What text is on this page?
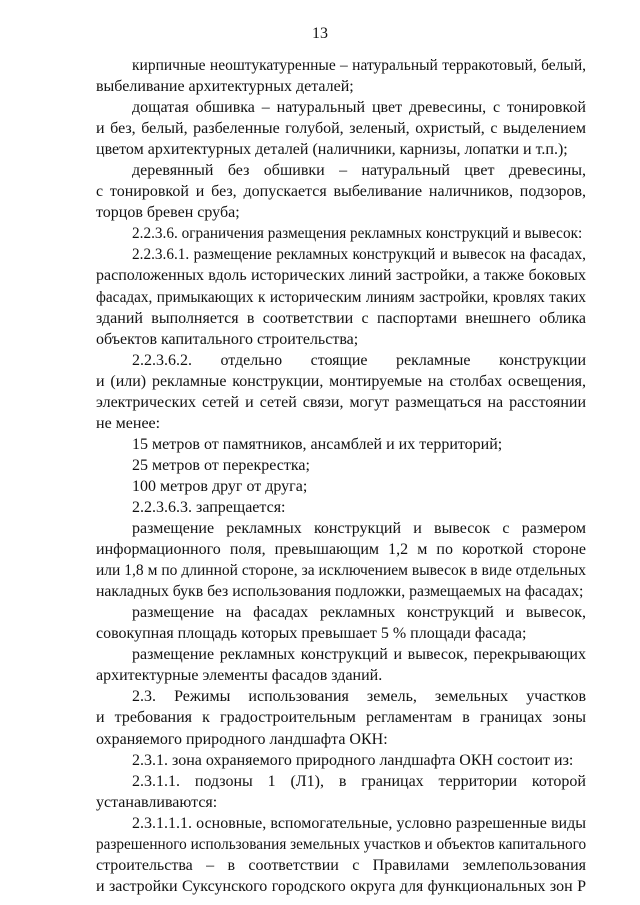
13
кирпичные неоштукатуренные – натуральный терракотовый, белый,
выбеливание архитектурных деталей;
дощатая обшивка – натуральный цвет древесины, с тонировкой
и без, белый, разбеленные голубой, зеленый, охристый, с выделением
цветом архитектурных деталей (наличники, карнизы, лопатки и т.п.);
деревянный без обшивки – натуральный цвет древесины,
с тонировкой и без, допускается выбеливание наличников, подзоров,
торцов бревен сруба;
2.2.3.6. ограничения размещения рекламных конструкций и вывесок:
2.2.3.6.1. размещение рекламных конструкций и вывесок на фасадах,
расположенных вдоль исторических линий застройки, а также боковых
фасадах, примыкающих к историческим линиям застройки, кровлях таких
зданий выполняется в соответствии с паспортами внешнего облика
объектов капитального строительства;
2.2.3.6.2. отдельно стоящие рекламные конструкции
и (или) рекламные конструкции, монтируемые на столбах освещения,
электрических сетей и сетей связи, могут размещаться на расстоянии
не менее:
15 метров от памятников, ансамблей и их территорий;
25 метров от перекрестка;
100 метров друг от друга;
2.2.3.6.3. запрещается:
размещение рекламных конструкций и вывесок с размером
информационного поля, превышающим 1,2 м по короткой стороне
или 1,8 м по длинной стороне, за исключением вывесок в виде отдельных
накладных букв без использования подложки, размещаемых на фасадах;
размещение на фасадах рекламных конструкций и вывесок,
совокупная площадь которых превышает 5 % площади фасада;
размещение рекламных конструкций и вывесок, перекрывающих
архитектурные элементы фасадов зданий.
2.3. Режимы использования земель, земельных участков
и требования к градостроительным регламентам в границах зоны
охраняемого природного ландшафта ОКН:
2.3.1. зона охраняемого природного ландшафта ОКН состоит из:
2.3.1.1. подзоны 1 (Л1), в границах территории которой
устанавливаются:
2.3.1.1.1. основные, вспомогательные, условно разрешенные виды
разрешенного использования земельных участков и объектов капитального
строительства – в соответствии с Правилами землепользования
и застройки Суксунского городского округа для функциональных зон Р
